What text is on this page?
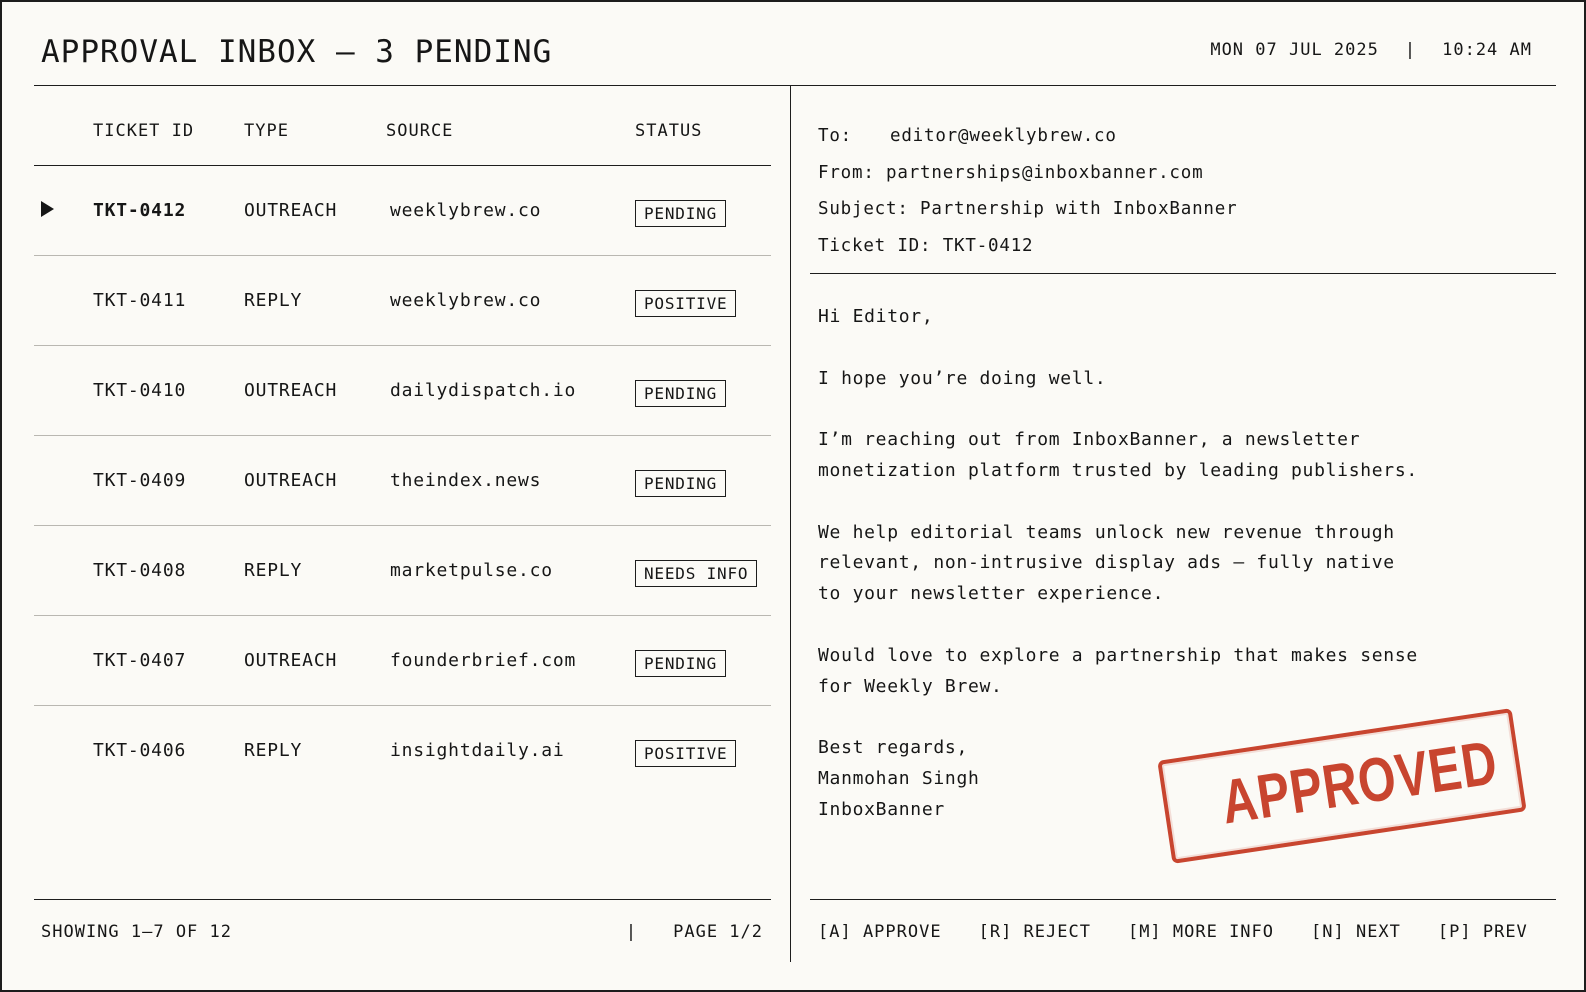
APPROVAL INBOX — 3 PENDING	MON 07 JUL 2025 | 10:24 AM
TICKET ID	TYPE	SOURCE	STATUS
TKT-0412	OUTREACH	weeklybrew.co	PENDING
TKT-0411	REPLY	weeklybrew.co	POSITIVE
TKT-0410	OUTREACH	dailydispatch.io	PENDING
TKT-0409	OUTREACH	theindex.news	PENDING
TKT-0408	REPLY	marketpulse.co	NEEDS INFO
TKT-0407	OUTREACH	founderbrief.com	PENDING
TKT-0406	REPLY	insightdaily.ai	POSITIVE
SHOWING 1–7 OF 12	| PAGE 1/2
To:	editor@weeklybrew.co
From:
partnerships@inboxbanner.com
Subject:
Partnership with InboxBanner
Ticket ID:
TKT-0412
Hi Editor,

I hope you’re doing well.

I’m reaching out from InboxBanner, a newsletter
monetization platform trusted by leading publishers.

We help editorial teams unlock new revenue through
relevant, non-intrusive display ads — fully native
to your newsletter experience.

Would love to explore a partnership that makes sense
for Weekly Brew.

Best regards,
Manmohan Singh
InboxBanner	APPROVED
[A] APPROVE [R] REJECT [M] MORE INFO [N] NEXT [P] PREV
